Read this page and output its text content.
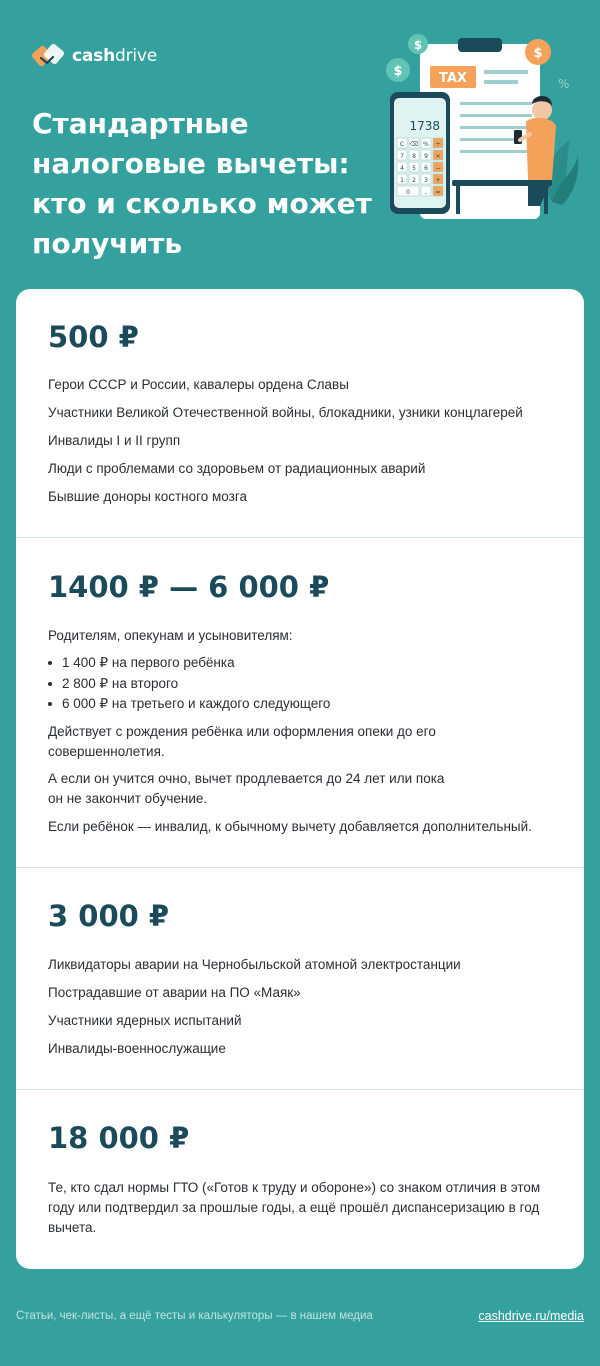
cashdrive
Стандартные налоговые вычеты: кто и сколько может получить
TAX
$
$
$
%
1738
C ⌫ % ÷
7 8 9 ×
4 5 6 −
1 2 3 +
0	, =
500 ₽
Герои СССР и России, кавалеры ордена Славы
Участники Великой Отечественной войны, блокадники, узники концлагерей
Инвалиды I и II групп
Люди с проблемами со здоровьем от радиационных аварий
Бывшие доноры костного мозга
1400 ₽ — 6 000 ₽
Родителям, опекунам и усыновителям:
1 400 ₽ на первого ребёнка
2 800 ₽ на второго
6 000 ₽ на третьего и каждого следующего
Действует с рождения ребёнка или оформления опеки до его
совершеннолетия.
А если он учится очно, вычет продлевается до 24 лет или пока
он не закончит обучение.
Если ребёнок — инвалид, к обычному вычету добавляется дополнительный.
3 000 ₽
Ликвидаторы аварии на Чернобыльской атомной электростанции
Пострадавшие от аварии на ПО «Маяк»
Участники ядерных испытаний
Инвалиды-военнослужащие
18 000 ₽
Те, кто сдал нормы ГТО («Готов к труду и обороне») со знаком отличия в этом
году или подтвердил за прошлые годы, а ещё прошёл диспансеризацию в год
вычета.
Статьи, чек-листы, а ещё тесты и калькуляторы — в нашем медиа	cashdrive.ru/media
